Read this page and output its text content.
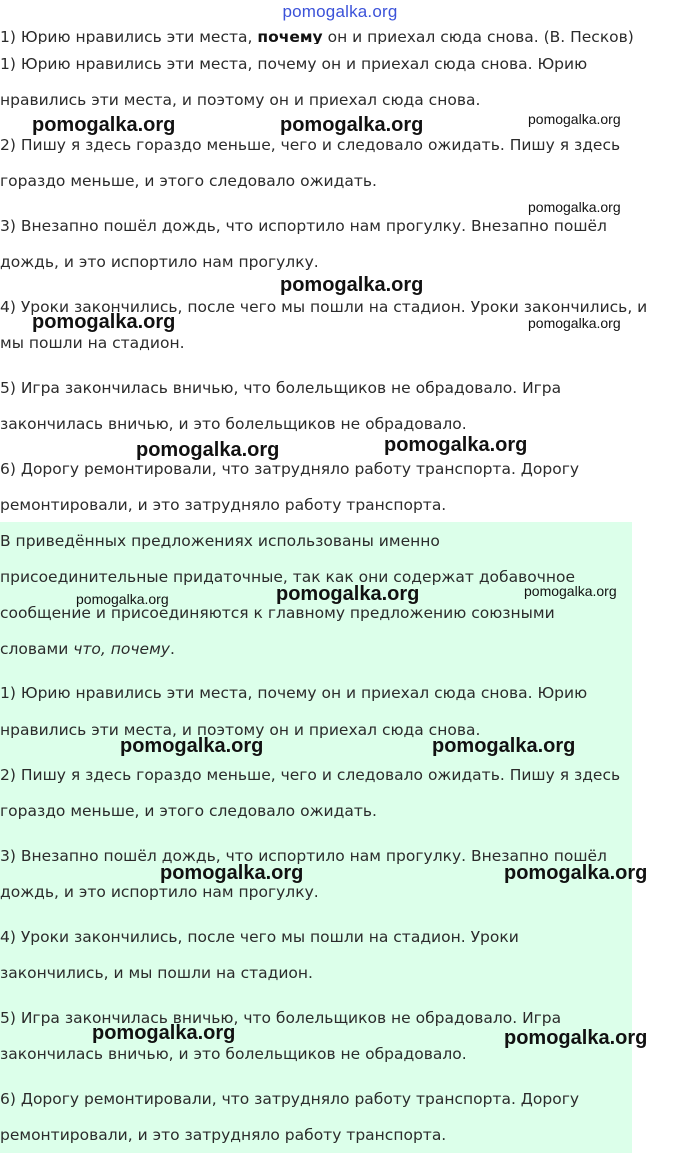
pomogalka.org
1) Юрию нравились эти места, почему он и приехал сюда снова. (В. Песков)

1) Юрию нравились эти места, почему он и приехал сюда снова. Юрию

нравились эти места, и поэтому он и приехал сюда снова.

2) Пишу я здесь гораздо меньше, чего и следовало ожидать. Пишу я здесь

гораздо меньше, и этого следовало ожидать.

3) Внезапно пошёл дождь, что испортило нам прогулку. Внезапно пошёл

дождь, и это испортило нам прогулку.

4) Уроки закончились, после чего мы пошли на стадион. Уроки закончились, и

мы пошли на стадион.

5) Игра закончилась вничью, что болельщиков не обрадовало. Игра

закончилась вничью, и это болельщиков не обрадовало.

6) Дорогу ремонтировали, что затрудняло работу транспорта. Дорогу

ремонтировали, и это затрудняло работу транспорта.

В приведённых предложениях использованы именно

присоединительные придаточные, так как они содержат добавочное

сообщение и присоединяются к главному предложению союзными

словами что, почему.

1) Юрию нравились эти места, почему он и приехал сюда снова. Юрию

нравились эти места, и поэтому он и приехал сюда снова.

2) Пишу я здесь гораздо меньше, чего и следовало ожидать. Пишу я здесь

гораздо меньше, и этого следовало ожидать.

3) Внезапно пошёл дождь, что испортило нам прогулку. Внезапно пошёл

дождь, и это испортило нам прогулку.

4) Уроки закончились, после чего мы пошли на стадион. Уроки

закончились, и мы пошли на стадион.

5) Игра закончилась вничью, что болельщиков не обрадовало. Игра

закончилась вничью, и это болельщиков не обрадовало.

6) Дорогу ремонтировали, что затрудняло работу транспорта. Дорогу

ремонтировали, и это затрудняло работу транспорта.

pomogalka.org	pomogalka.org	pomogalka.org
pomogalka.org
pomogalka.org
pomogalka.org	pomogalka.org
pomogalka.org	pomogalka.org
pomogalka.org	pomogalka.org	pomogalka.org
pomogalka.org	pomogalka.org
pomogalka.org	pomogalka.org
pomogalka.org	pomogalka.org
